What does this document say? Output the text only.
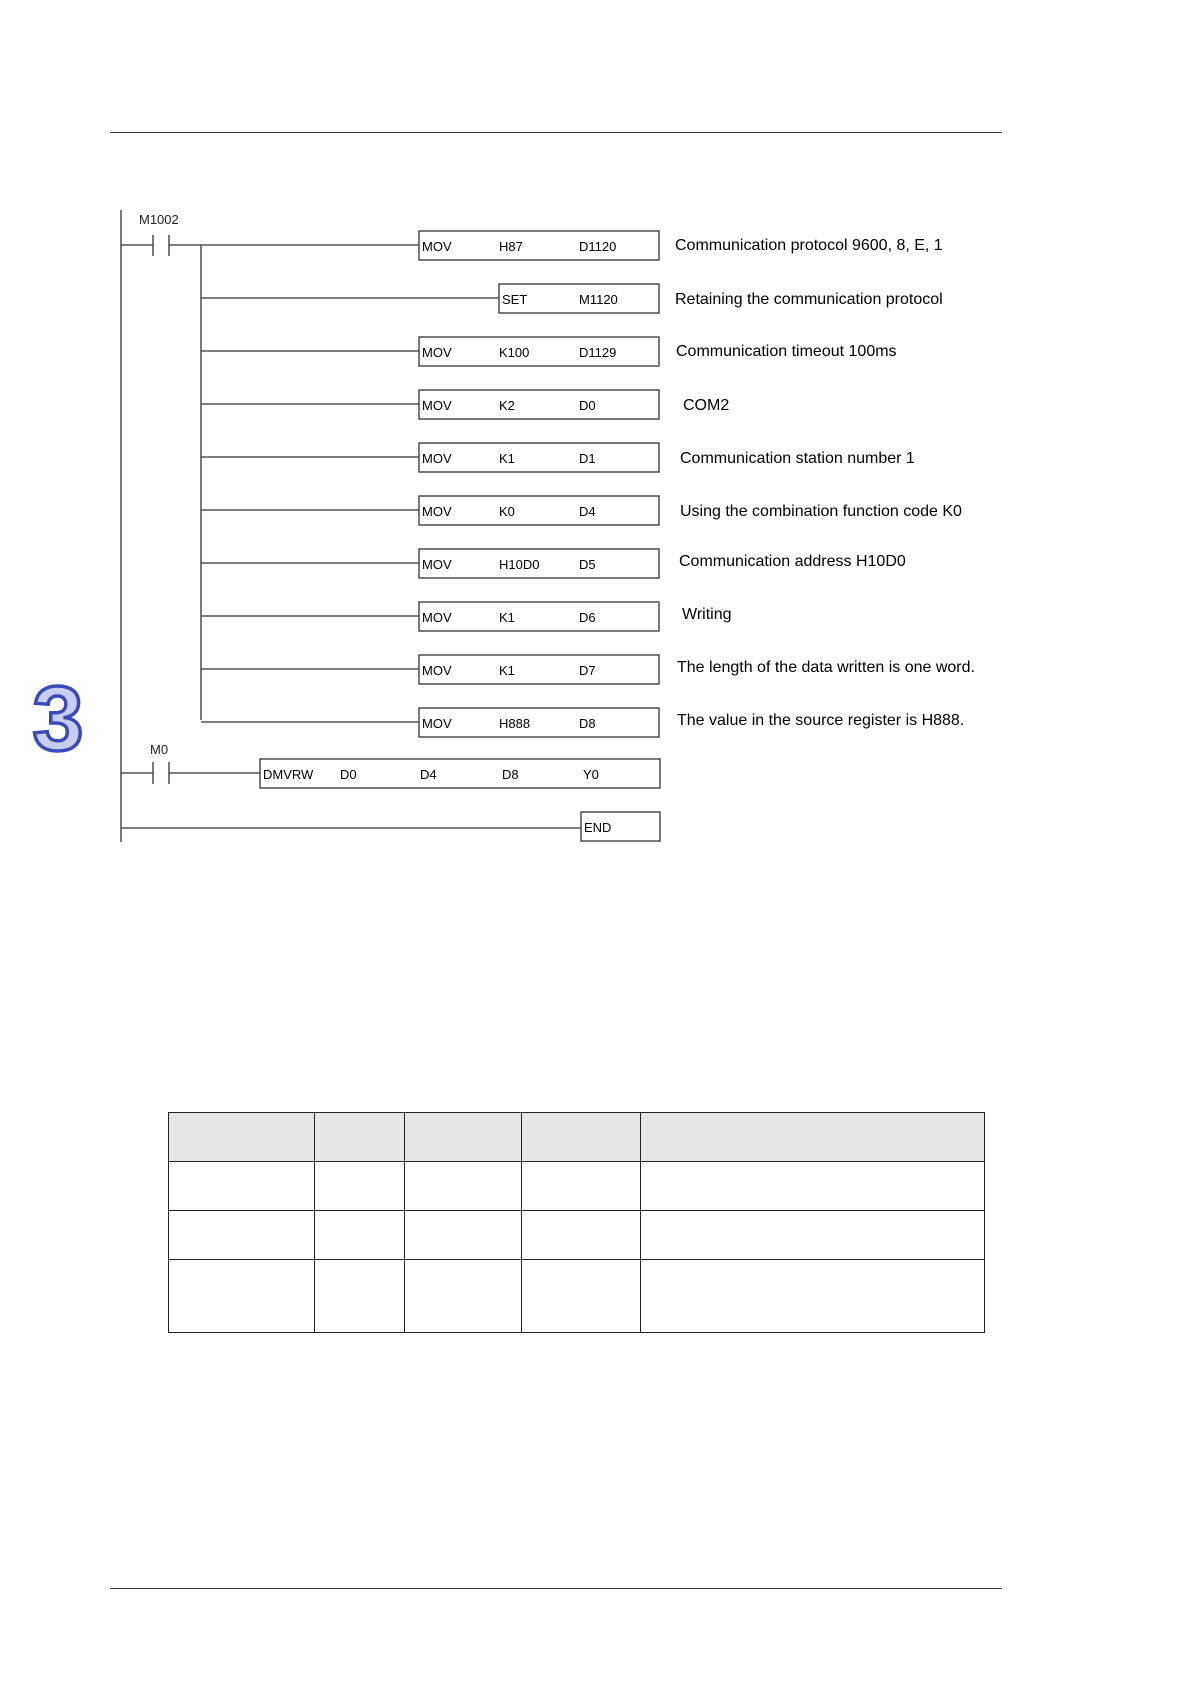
M1002
MOV	H87	D1120	Communication protocol 9600, 8, E, 1
SET	M1120	Retaining the communication protocol
MOV	K100	D1129	Communication timeout 100ms
MOV	K2	D0	COM2
MOV	K1	D1	Communication station number 1
MOV	K0	D4	Using the combination function code K0
MOV	H10D0	D5	Communication address H10D0
MOV	K1	D6	Writing
MOV	K1	D7	The length of the data written is one word.
MOV	H888	D8	The value in the source register is H888.
M0
DMVRW D0	D4	D8	Y0
END
3
